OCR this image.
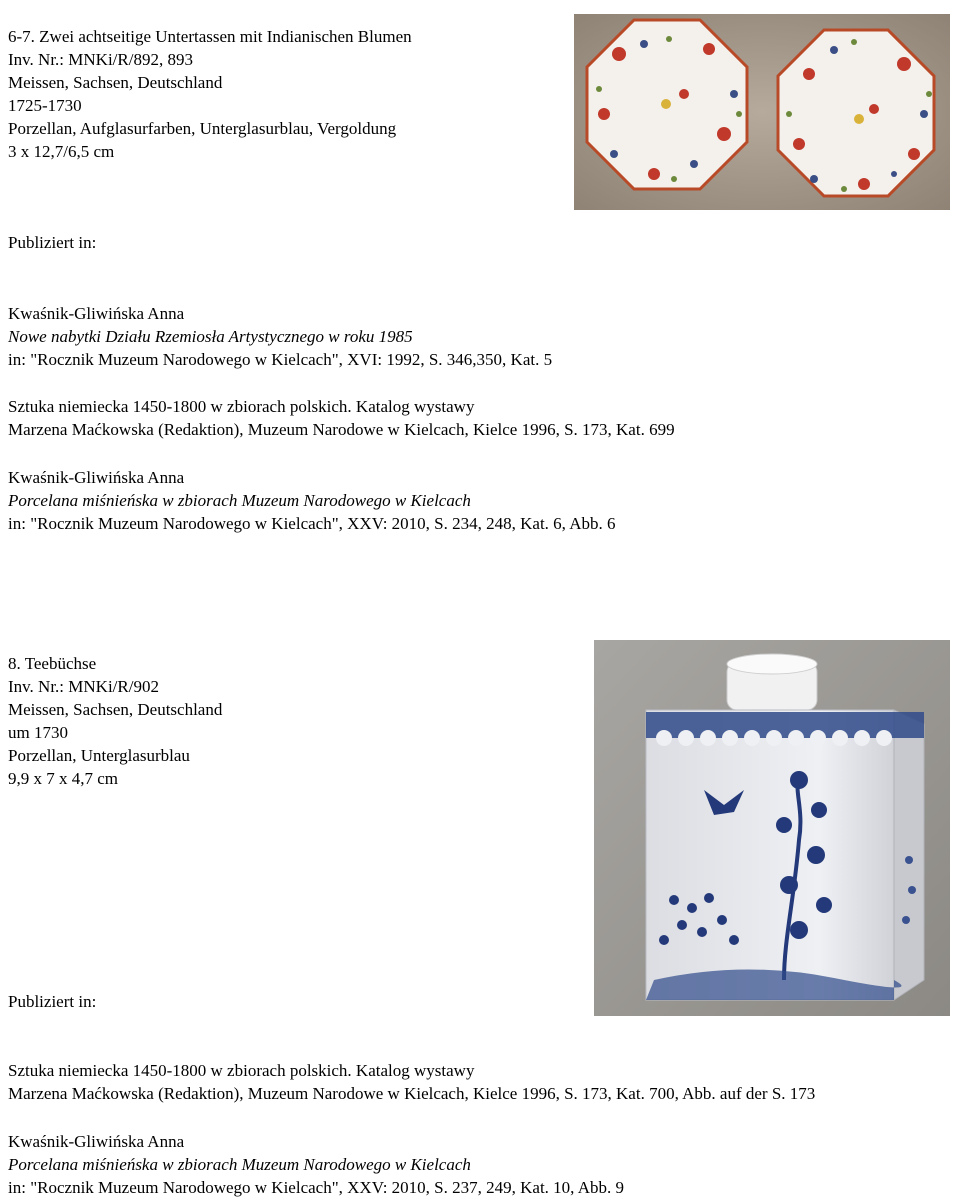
6-7. Zwei achtseitige Untertassen mit Indianischen Blumen
Inv. Nr.: MNKi/R/892, 893
Meissen, Sachsen, Deutschland
1725-1730
Porzellan, Aufglasurfarben, Unterglasurblau, Vergoldung
3 x 12,7/6,5 cm
Publiziert in:
Kwaśnik-Gliwińska Anna
Nowe nabytki Działu Rzemiosła Artystycznego w roku 1985
in: "Rocznik Muzeum Narodowego w Kielcach", XVI: 1992, S. 346,350, Kat. 5
Sztuka niemiecka 1450-1800 w zbiorach polskich. Katalog wystawy
Marzena Maćkowska (Redaktion), Muzeum Narodowe w Kielcach, Kielce 1996, S. 173, Kat. 699
Kwaśnik-Gliwińska Anna
Porcelana miśnieńska w zbiorach Muzeum Narodowego w Kielcach
in: "Rocznik Muzeum Narodowego w Kielcach", XXV: 2010, S. 234, 248, Kat. 6, Abb. 6
8. Teebüchse
Inv. Nr.: MNKi/R/902
Meissen, Sachsen, Deutschland
um 1730
Porzellan, Unterglasurblau
9,9 x 7 x 4,7 cm
Publiziert in:
Sztuka niemiecka 1450-1800 w zbiorach polskich. Katalog wystawy
Marzena Maćkowska (Redaktion), Muzeum Narodowe w Kielcach, Kielce 1996, S. 173, Kat. 700, Abb. auf der S. 173
Kwaśnik-Gliwińska Anna
Porcelana miśnieńska w zbiorach Muzeum Narodowego w Kielcach
in: "Rocznik Muzeum Narodowego w Kielcach", XXV: 2010, S. 237, 249, Kat. 10, Abb. 9
